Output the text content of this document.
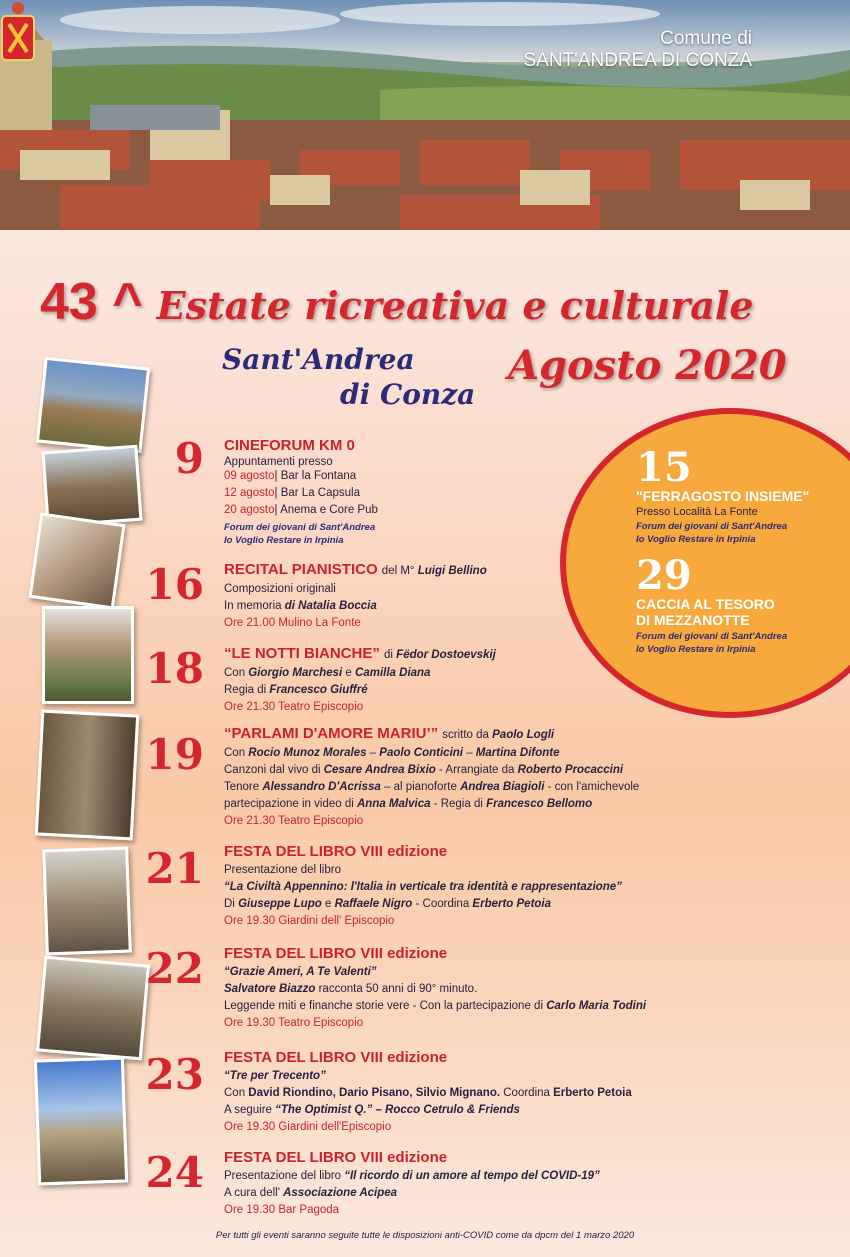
Comune di
SANT'ANDREA DI CONZA
43 ^ Estate ricreativa e culturale
Sant'Andrea
di Conza
Agosto 2020
9 CINEFORUM KM 0
Appuntamenti presso
09 agosto| Bar la Fontana
12 agosto| Bar La Capsula
20 agosto| Anema e Core Pub
Forum dei giovani di Sant'Andrea
Io Voglio Restare in Irpinia
16 RECITAL PIANISTICO del M° Luigi Bellino
Composizioni originali
In memoria di Natalia Boccia
Ore 21.00 Mulino La Fonte
18 “LE NOTTI BIANCHE” di Fëdor Dostoevskij
Con Giorgio Marchesi e Camilla Diana
Regia di Francesco Giuffré
Ore 21.30 Teatro Episcopio
19 “PARLAMI D'AMORE MARIU’” scritto da Paolo Logli
Con Rocio Munoz Morales – Paolo Conticini – Martina Difonte
Canzoni dal vivo di Cesare Andrea Bixio - Arrangiate da Roberto Procaccini
Tenore Alessandro D'Acrissa – al pianoforte Andrea Biagioli - con l'amichevole
partecipazione in video di Anna Malvica - Regia di Francesco Bellomo
Ore 21.30 Teatro Episcopio
21 FESTA DEL LIBRO VIII edizione
Presentazione del libro
“La Civiltà Appennino: l'Italia in verticale tra identità e rappresentazione”
Di Giuseppe Lupo e Raffaele Nigro - Coordina Erberto Petoia
Ore 19.30 Giardini dell' Episcopio
22 FESTA DEL LIBRO VIII edizione
“Grazie Ameri, A Te Valenti”
Salvatore Biazzo racconta 50 anni di 90° minuto.
Leggende miti e finanche storie vere - Con la partecipazione di Carlo Maria Todini
Ore 19.30 Teatro Episcopio
23 FESTA DEL LIBRO VIII edizione
“Tre per Trecento”
Con David Riondino, Dario Pisano, Silvio Mignano. Coordina Erberto Petoia
A seguire “The Optimist Q.” – Rocco Cetrulo & Friends
Ore 19.30 Giardini dell'Episcopio
24 FESTA DEL LIBRO VIII edizione
Presentazione del libro “Il ricordo di un amore al tempo del COVID-19”
A cura dell' Associazione Acipea
Ore 19.30 Bar Pagoda
15
"FERRAGOSTO INSIEME"
Presso Località La Fonte
Forum dei giovani di Sant'Andrea
Io Voglio Restare in Irpinia
29
CACCIA AL TESORO
DI MEZZANOTTE
Forum dei giovani di Sant'Andrea
Io Voglio Restare in Irpinia
Per tutti gli eventi saranno seguite tutte le disposizioni anti-COVID come da dpcm del 1 marzo 2020
